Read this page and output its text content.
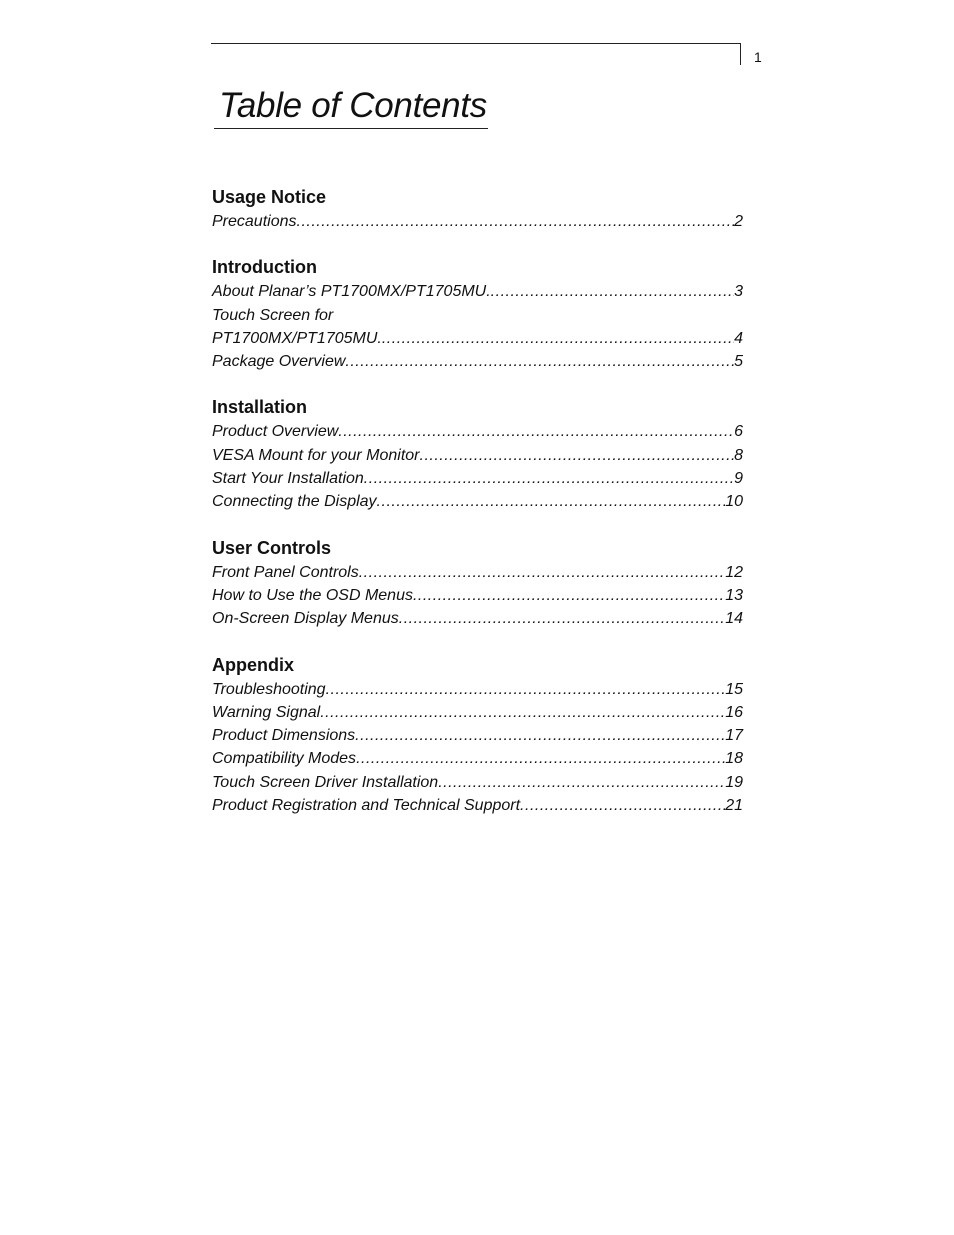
1
Table of Contents
Usage Notice
Precautions .....	2
Introduction
About Planar’s PT1700MX/PT1705MU. .....	3
Touch Screen for
PT1700MX/PT1705MU. .....	4
Package Overview .....	5
Installation
Product Overview .....	6
VESA Mount for your Monitor .....	8
Start Your Installation .....	9
Connecting the Display .....	10
User Controls
Front Panel Controls .....	12
How to Use the OSD Menus .....	13
On-Screen Display Menus .....	14
Appendix
Troubleshooting .....	15
Warning Signal .....	16
Product Dimensions .....	17
Compatibility Modes .....	18
Touch Screen Driver Installation .....	19
Product Registration and Technical Support .....	21
